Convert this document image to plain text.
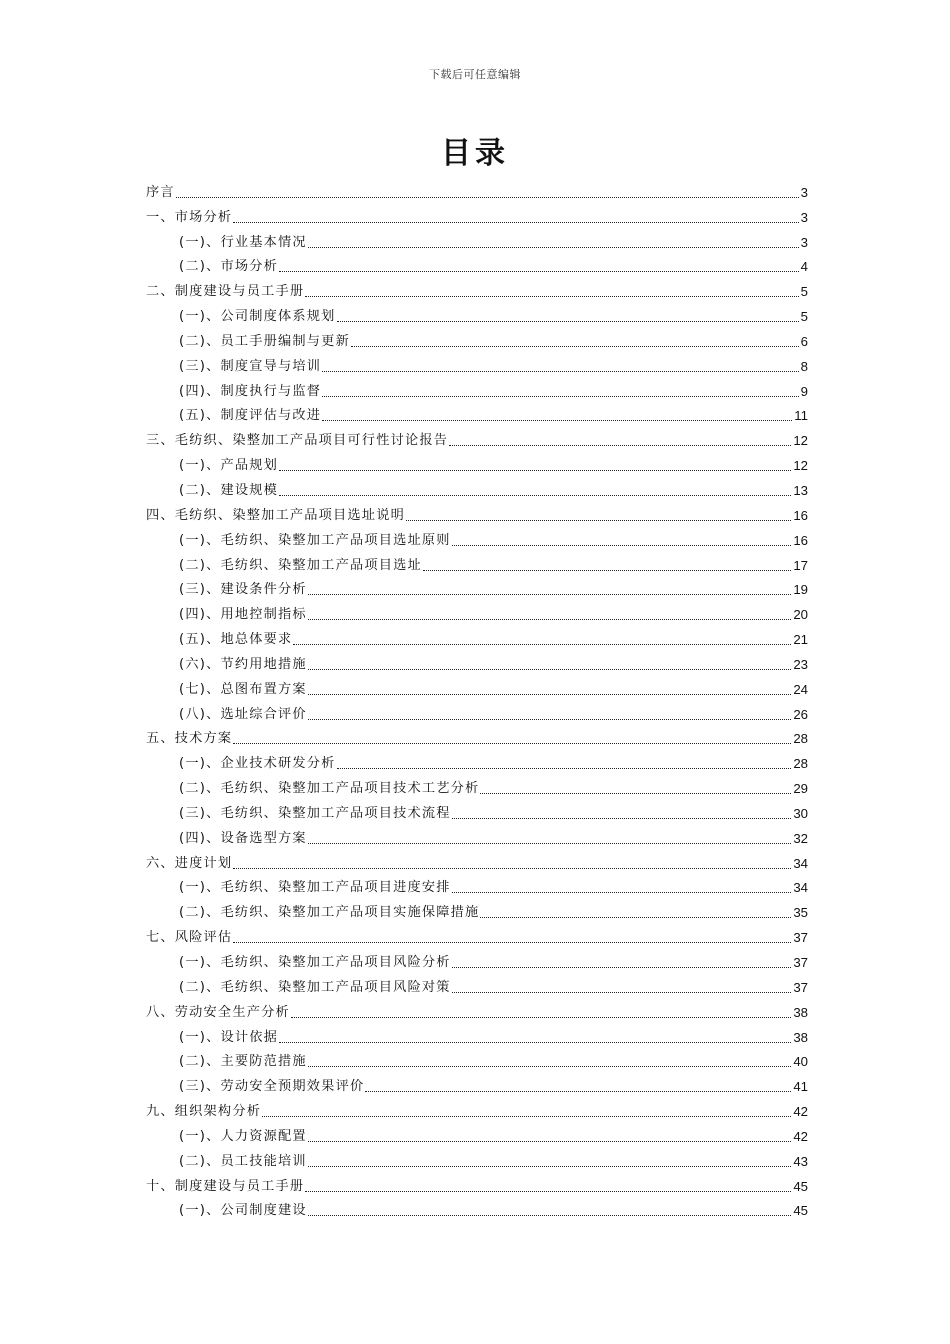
下载后可任意编辑
目录
序言	3
一、市场分析	3
(一)、行业基本情况	3
(二)、市场分析	4
二、制度建设与员工手册	5
(一)、公司制度体系规划	5
(二)、员工手册编制与更新	6
(三)、制度宣导与培训	8
(四)、制度执行与监督	9
(五)、制度评估与改进	11
三、毛纺织、染整加工产品项目可行性讨论报告	12
(一)、产品规划	12
(二)、建设规模	13
四、毛纺织、染整加工产品项目选址说明	16
(一)、毛纺织、染整加工产品项目选址原则	16
(二)、毛纺织、染整加工产品项目选址	17
(三)、建设条件分析	19
(四)、用地控制指标	20
(五)、地总体要求	21
(六)、节约用地措施	23
(七)、总图布置方案	24
(八)、选址综合评价	26
五、技术方案	28
(一)、企业技术研发分析	28
(二)、毛纺织、染整加工产品项目技术工艺分析	29
(三)、毛纺织、染整加工产品项目技术流程	30
(四)、设备选型方案	32
六、进度计划	34
(一)、毛纺织、染整加工产品项目进度安排	34
(二)、毛纺织、染整加工产品项目实施保障措施	35
七、风险评估	37
(一)、毛纺织、染整加工产品项目风险分析	37
(二)、毛纺织、染整加工产品项目风险对策	37
八、劳动安全生产分析	38
(一)、设计依据	38
(二)、主要防范措施	40
(三)、劳动安全预期效果评价	41
九、组织架构分析	42
(一)、人力资源配置	42
(二)、员工技能培训	43
十、制度建设与员工手册	45
(一)、公司制度建设	45
